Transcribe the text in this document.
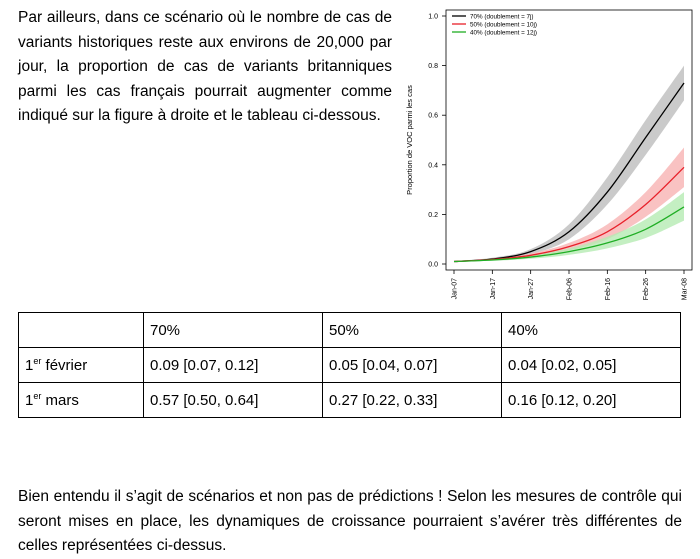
Par ailleurs, dans ce scénario où le nombre de cas de variants historiques reste aux environs de 20,000 par jour, la proportion de cas de variants britanniques parmi les cas français pourrait augmenter comme indiqué sur la figure à droite et le tableau ci-dessous.

0.0
0.2
0.4
0.6
0.8
1.0
Proportion de VOC parmi les cas
Jan-07	Jan-17	Jan-27	Feb-06	Feb-16	Feb-26	Mar-08
70% (doublement = 7j)
50% (doublement = 10j)
40% (doublement = 12j)
	70%	50%	40%
1er février	0.09 [0.07, 0.12]	0.05 [0.04, 0.07]	0.04 [0.02, 0.05]
1er mars	0.57 [0.50, 0.64]	0.27 [0.22, 0.33]	0.16 [0.12, 0.20]

Bien entendu il s’agit de scénarios et non pas de prédictions ! Selon les mesures de contrôle qui seront mises en place, les dynamiques de croissance pourraient s’avérer très différentes de celles représentées ci-dessus.
